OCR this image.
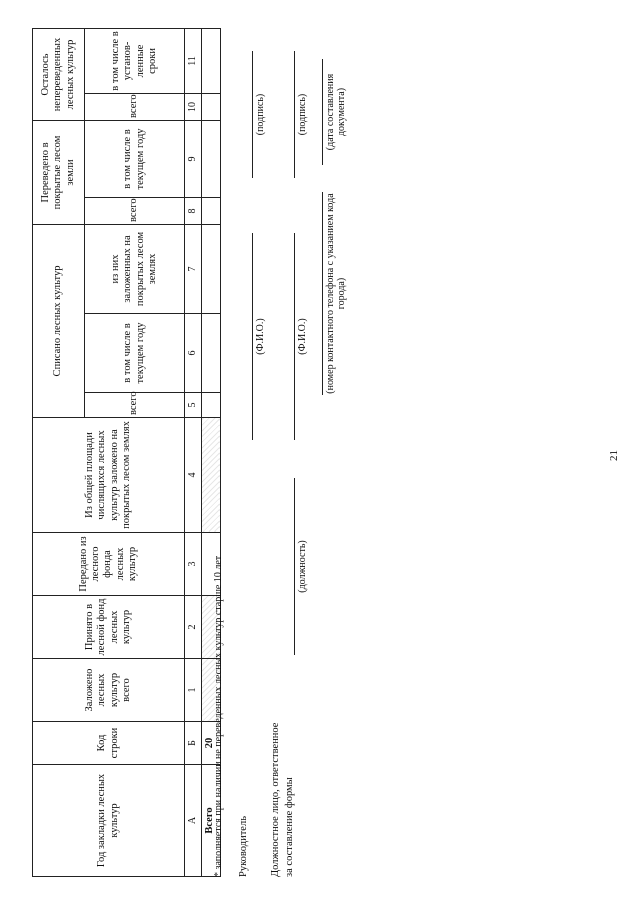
Год закладки лесных культур	Код строки	Заложено лесных культур всего	Принято в лесной фонд лесных культур	Передано из лесного фонда лесных культур	Из общей площади числящихся лесных культур заложено на покрытых лесом землях	Списано лесных культур			Переведено в покрытые лесом земли		Осталось непереведенных лесных культур	
						всего	в том числе в текущем году	из них заложенных на покрытых лесом землях	всего	в том числе в текущем году	всего	в том числе в установ-ленные сроки
А	Б	1	2	3	4	5	6	7	8	9	10	11
Всего	20											
* заполняется при наличии не переведенных лесных культур старше 10 лет Руководитель
(Ф.И.О.)
(подпись)
Должностное лицо, ответственное за составление формы
(должность)
(Ф.И.О.)
(подпись)
(номер контактного телефона с указанием кода города)
(дата составления документа)
21
